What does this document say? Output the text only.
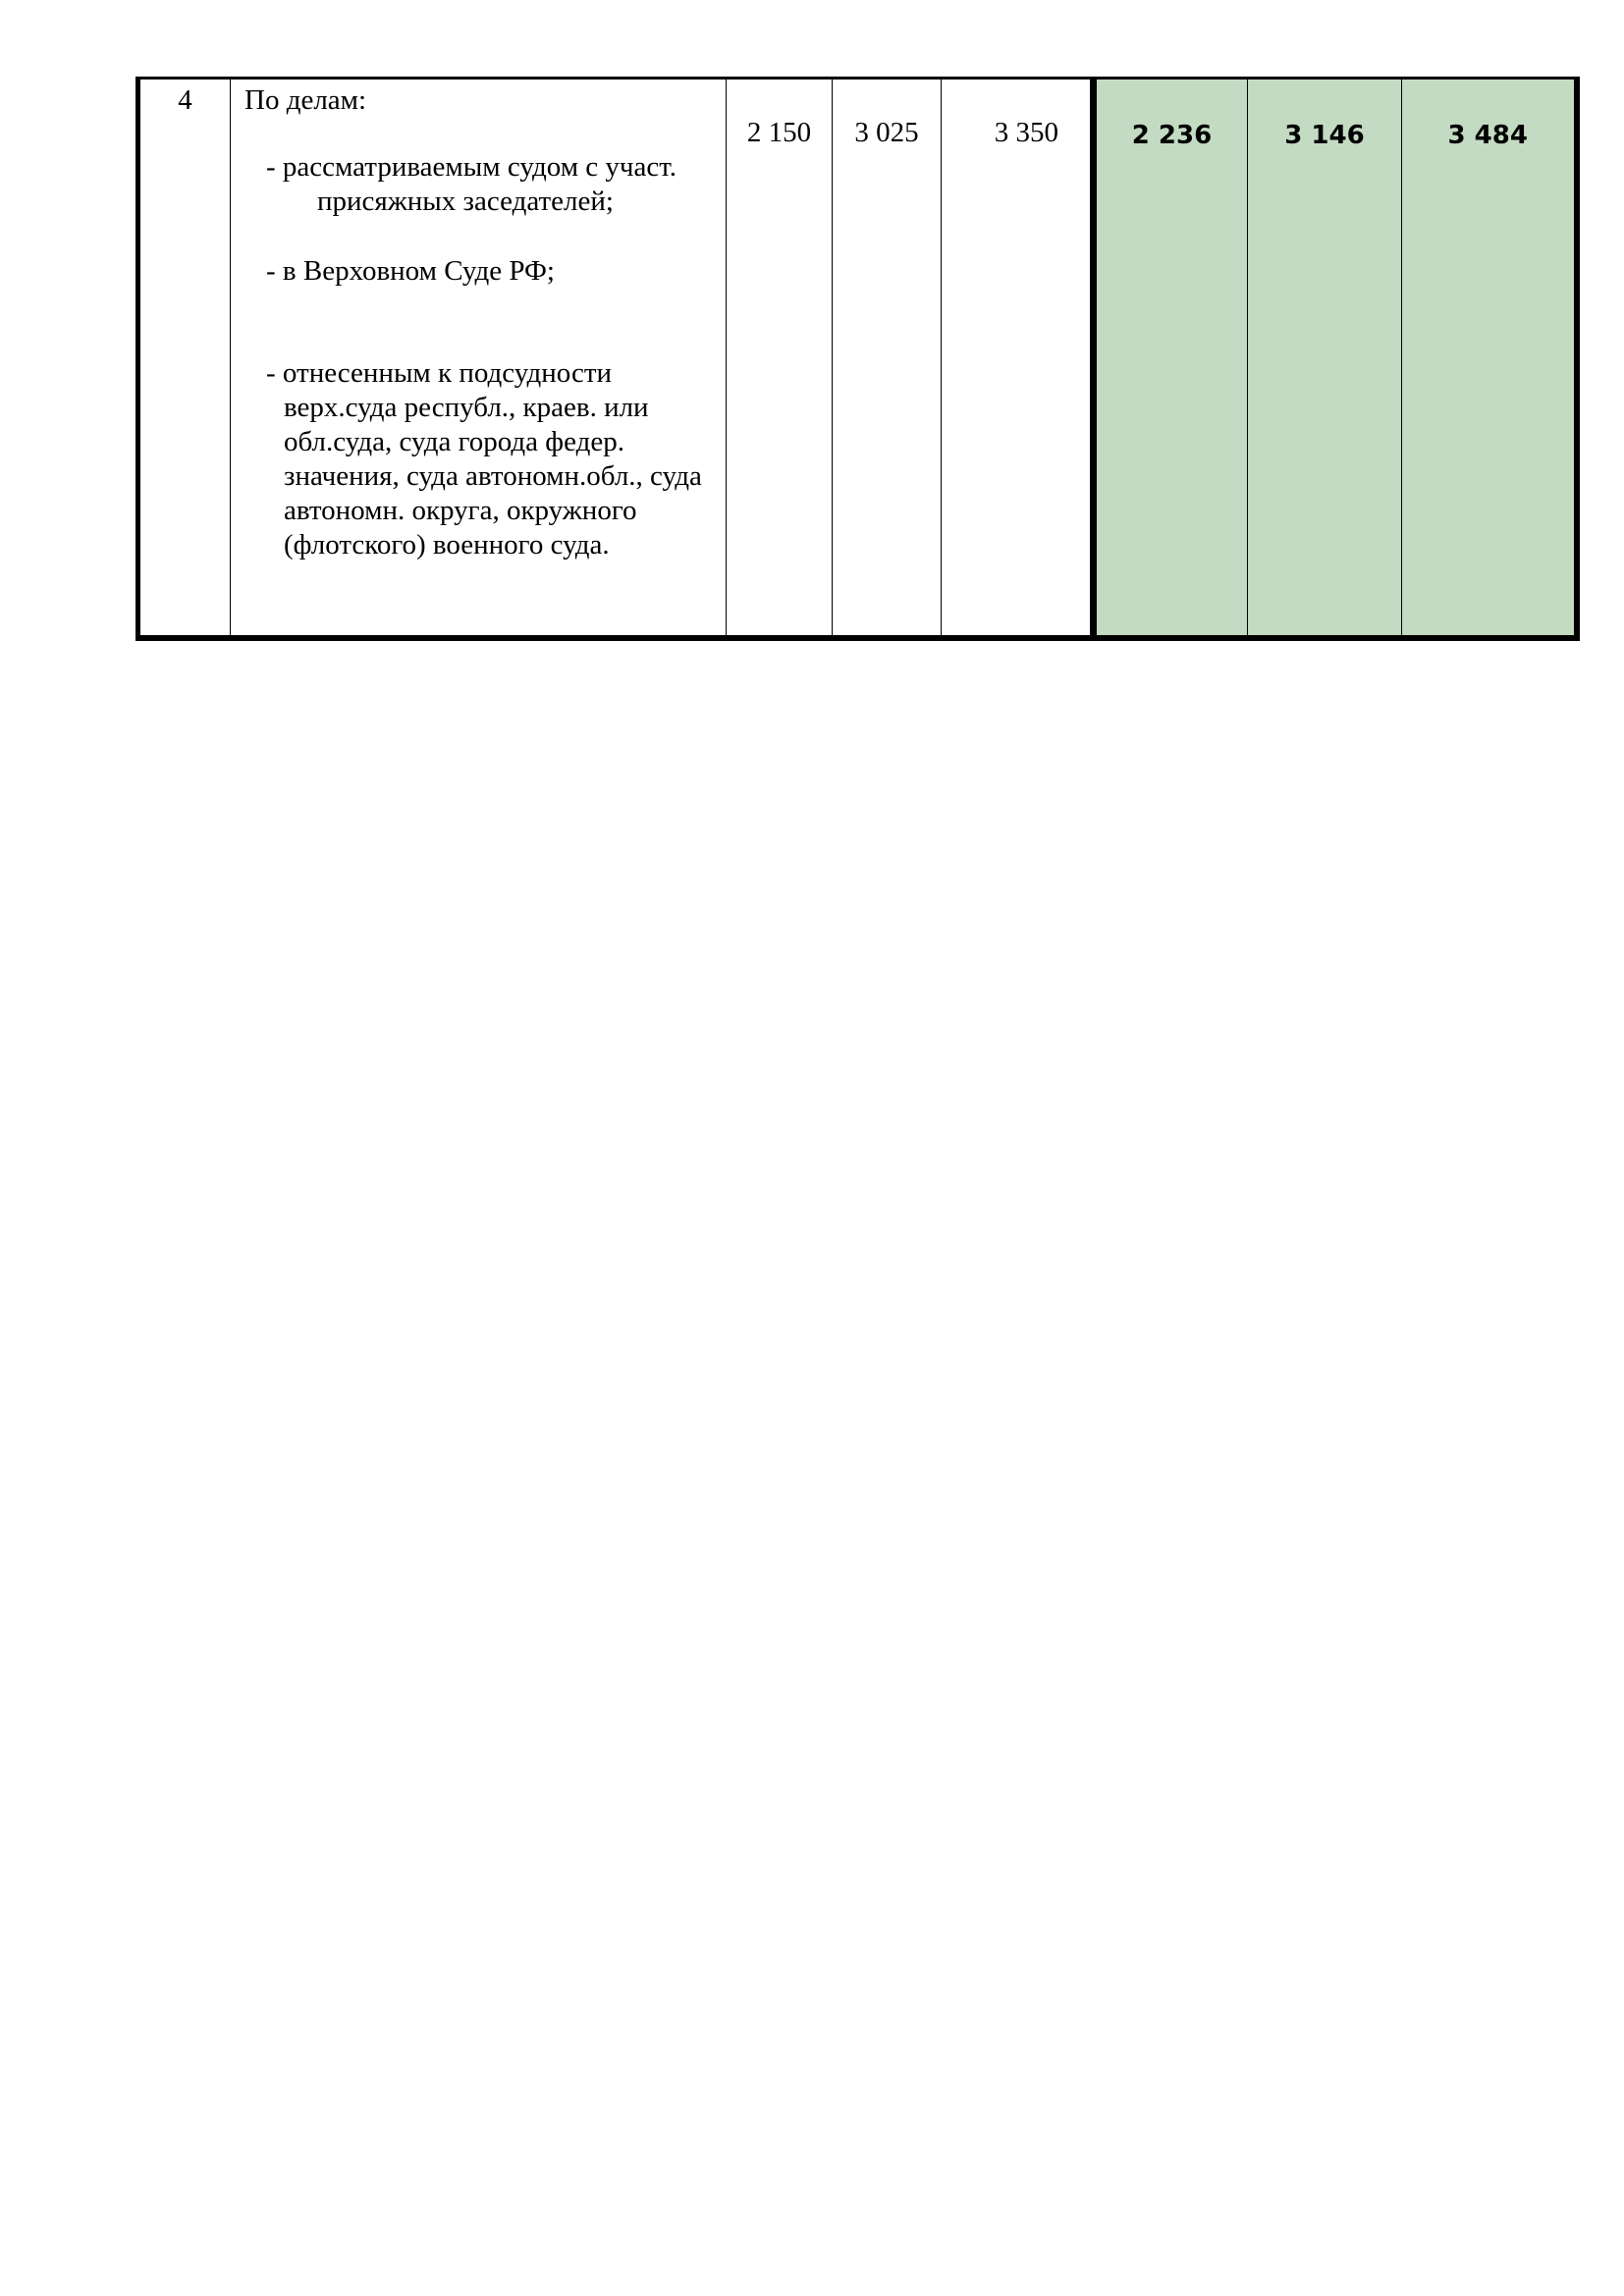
4	По делам:
- рассматриваемым судом с участ.
присяжных заседателей;
- в Верховном Суде РФ;
- отнесенным к подсудности верх.суда республ., краев. или обл.суда, суда города федер. значения, суда автономн.обл., суда автономн. округа, окружного (флотского) военного суда.
	2 150	3 025	3 350	2 236	3 146	3 484
